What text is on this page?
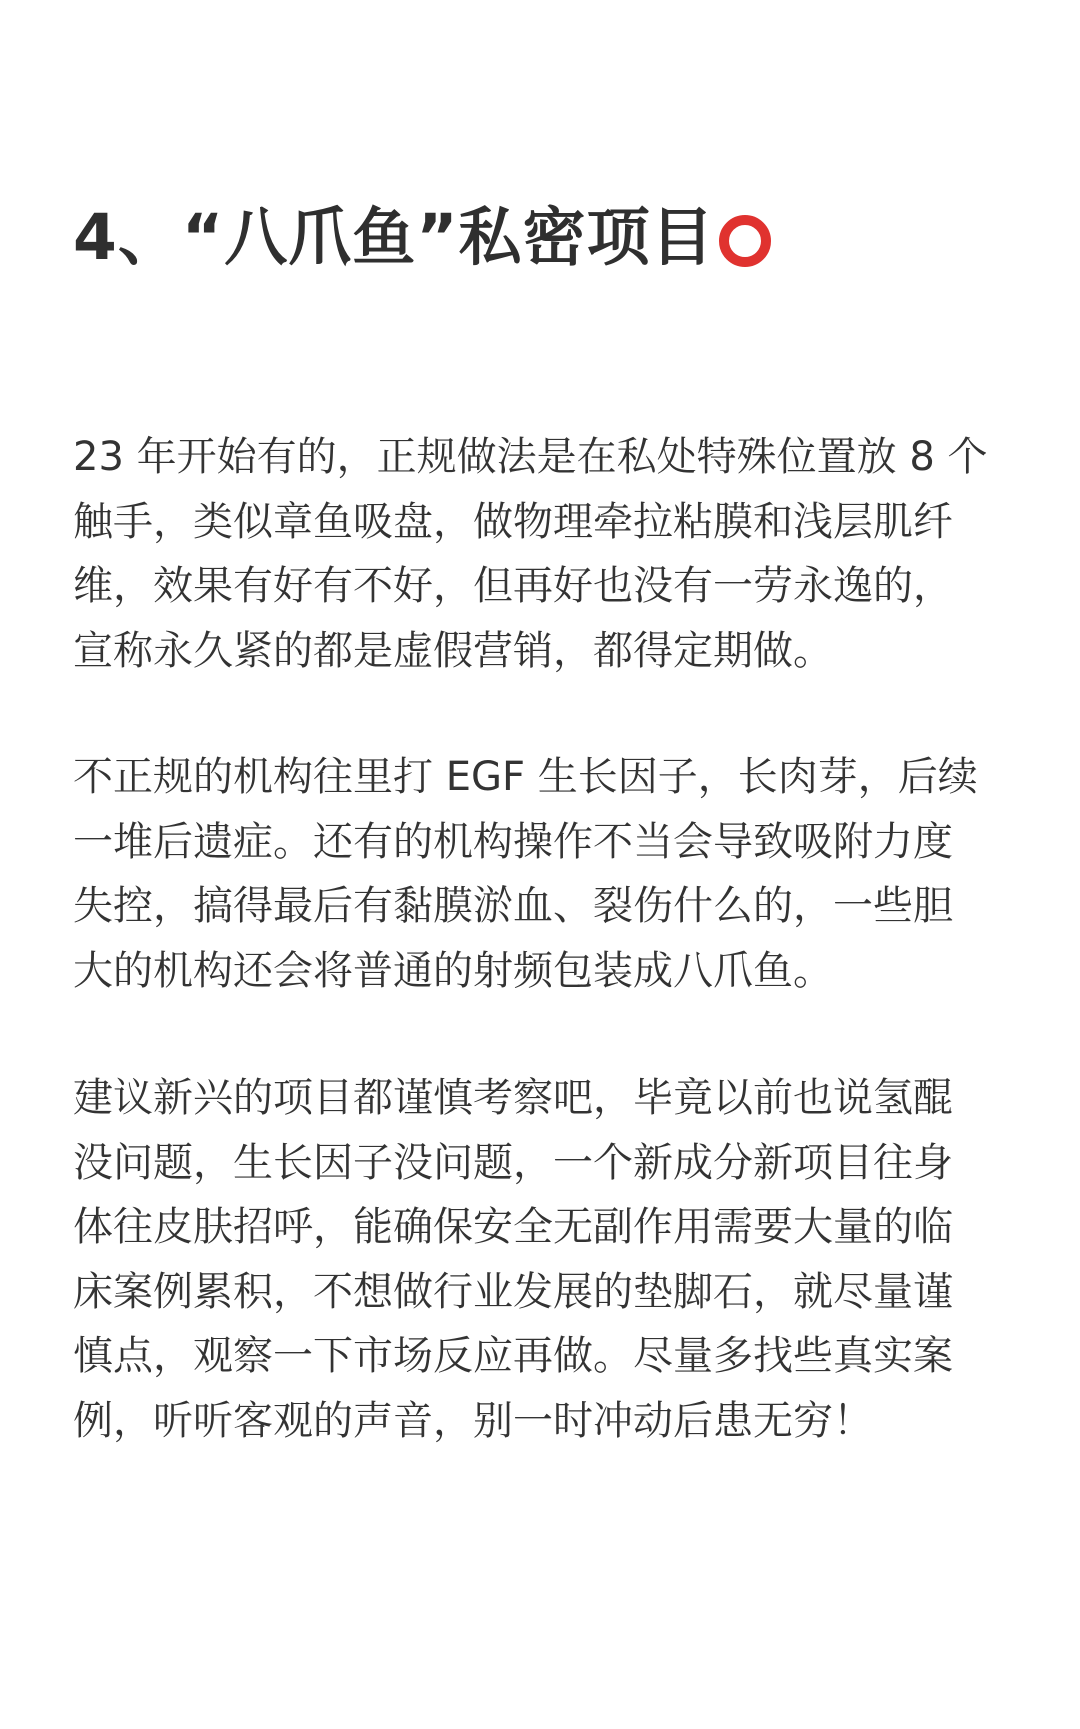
4、“八爪鱼”私密项目

23 年开始有的，正规做法是在私处特殊位置放 8 个
触手，类似章鱼吸盘，做物理牵拉粘膜和浅层肌纤
维，效果有好有不好，但再好也没有一劳永逸的，
宣称永久紧的都是虚假营销，都得定期做。

不正规的机构往里打 EGF 生长因子，长肉芽，后续
一堆后遗症。还有的机构操作不当会导致吸附力度
失控，搞得最后有黏膜淤血、裂伤什么的，一些胆
大的机构还会将普通的射频包装成八爪鱼。

建议新兴的项目都谨慎考察吧，毕竟以前也说氢醌
没问题，生长因子没问题，一个新成分新项目往身
体往皮肤招呼，能确保安全无副作用需要大量的临
床案例累积，不想做行业发展的垫脚石，就尽量谨
慎点，观察一下市场反应再做。尽量多找些真实案
例，听听客观的声音，别一时冲动后患无穷！
